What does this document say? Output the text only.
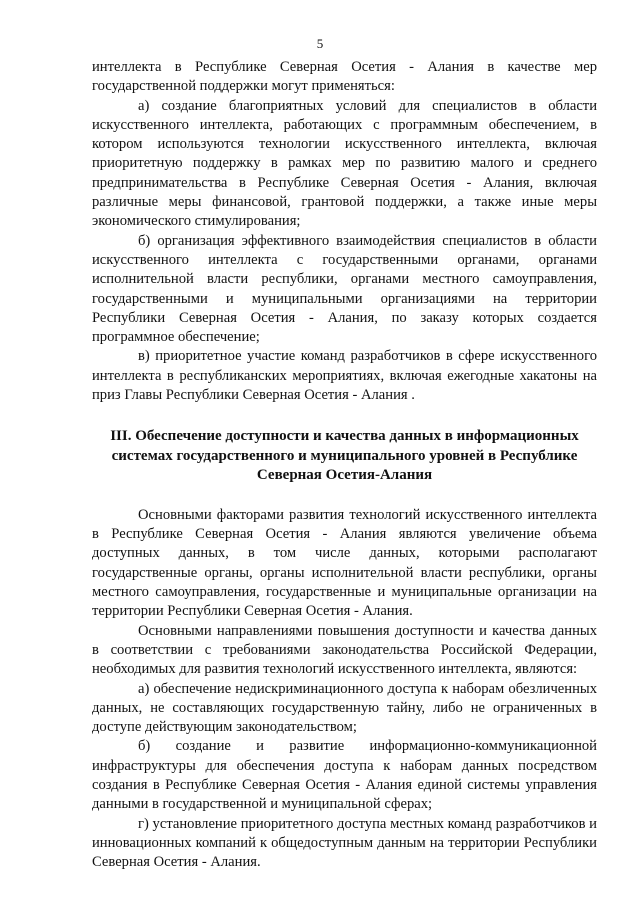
5

интеллекта в Республике Северная Осетия - Алания в качестве мер государственной поддержки могут применяться:

а) создание благоприятных условий для специалистов в области искусственного интеллекта, работающих с программным обеспечением, в котором используются технологии искусственного интеллекта, включая приоритетную поддержку в рамках мер по развитию малого и среднего предпринимательства в Республике Северная Осетия - Алания, включая различные меры финансовой, грантовой поддержки, а также иные меры экономического стимулирования;

б) организация эффективного взаимодействия специалистов в области искусственного интеллекта с государственными органами, органами исполнительной власти республики, органами местного самоуправления, государственными и муниципальными организациями на территории Республики Северная Осетия - Алания, по заказу которых создается программное обеспечение;

в) приоритетное участие команд разработчиков в сфере искусственного интеллекта в республиканских мероприятиях, включая ежегодные хакатоны на приз Главы Республики Северная Осетия - Алания .

III. Обеспечение доступности и качества данных в информационных
системах государственного и муниципального уровней в Республике
Северная Осетия-Алания

Основными факторами развития технологий искусственного интеллекта в Республике Северная Осетия - Алания являются увеличение объема доступных данных, в том числе данных, которыми располагают государственные органы, органы исполнительной власти республики, органы местного самоуправления, государственные и муниципальные организации на территории Республики Северная Осетия - Алания.

Основными направлениями повышения доступности и качества данных в соответствии с требованиями законодательства Российской Федерации, необходимых для развития технологий искусственного интеллекта, являются:

а) обеспечение недискриминационного доступа к наборам обезличенных данных, не составляющих государственную тайну, либо не ограниченных в доступе действующим законодательством;

б) создание и развитие информационно-коммуникационной инфраструктуры для обеспечения доступа к наборам данных посредством создания в Республике Северная Осетия - Алания единой системы управления данными в государственной и муниципальной сферах;

г) установление приоритетного доступа местных команд разработчиков и инновационных компаний к общедоступным данным на территории Республики Северная Осетия - Алания.
